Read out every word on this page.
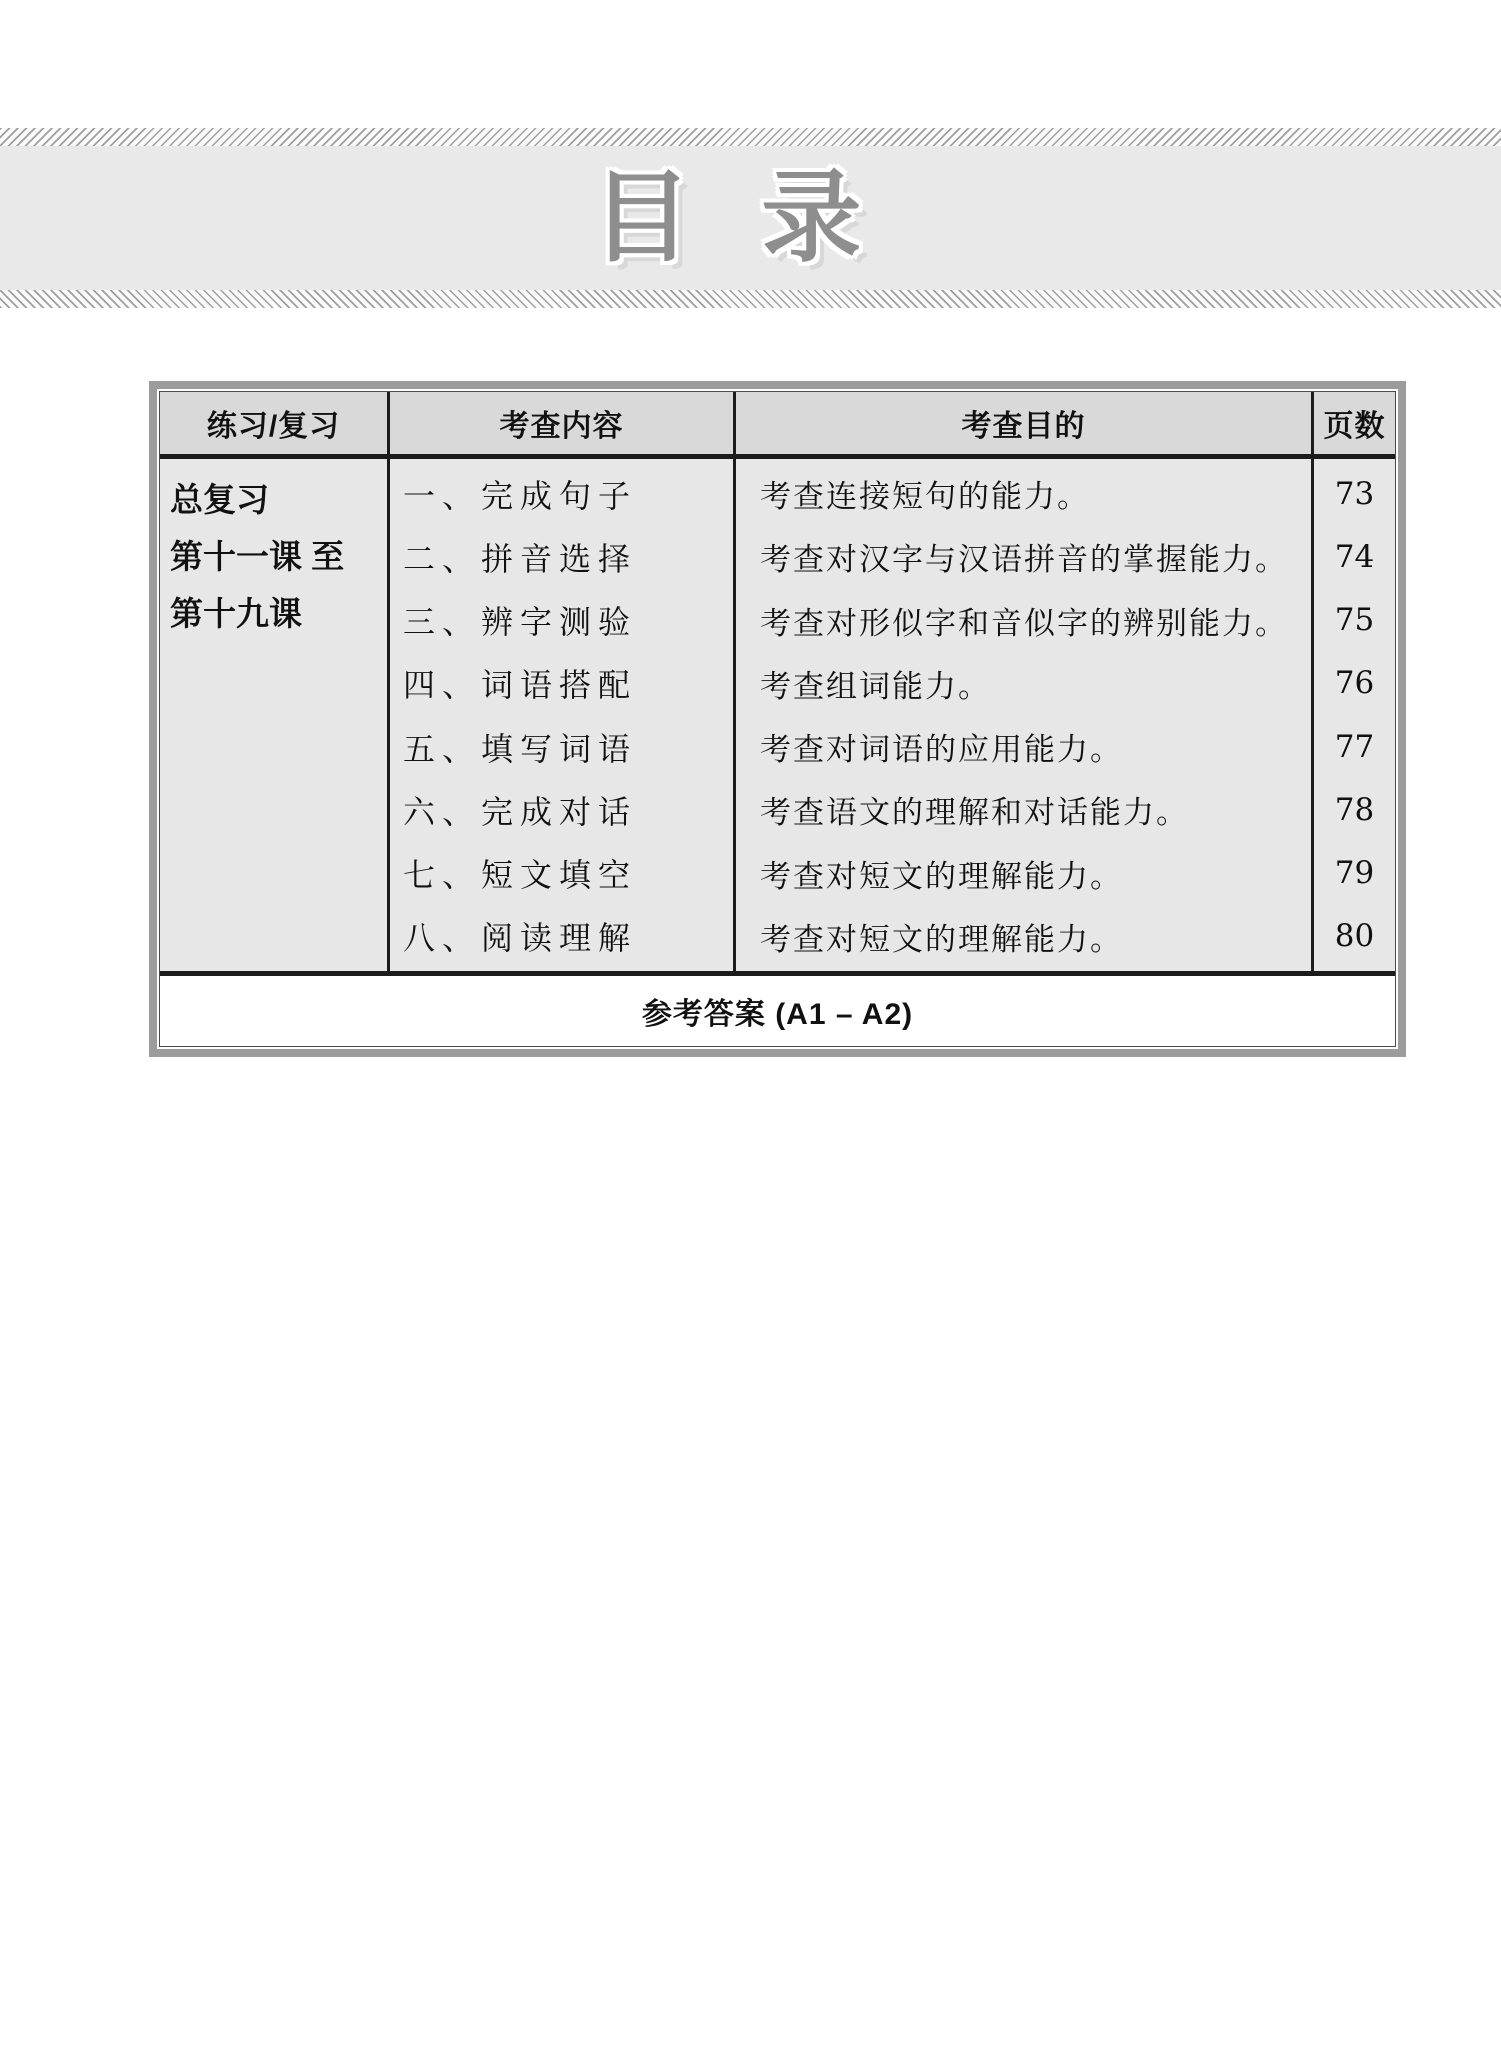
目 录
练习/复习	考查内容	考查目的	页数
总复习
第十一课 至
第十九课
一、完成句子	考查连接短句的能力。	73
二、拼音选择	考查对汉字与汉语拼音的掌握能力。	74
三、辨字测验	考查对形似字和音似字的辨别能力。	75
四、词语搭配	考查组词能力。	76
五、填写词语	考查对词语的应用能力。	77
六、完成对话	考查语文的理解和对话能力。	78
七、短文填空	考查对短文的理解能力。	79
八、阅读理解	考查对短文的理解能力。	80
参考答案 (A1 – A2)
